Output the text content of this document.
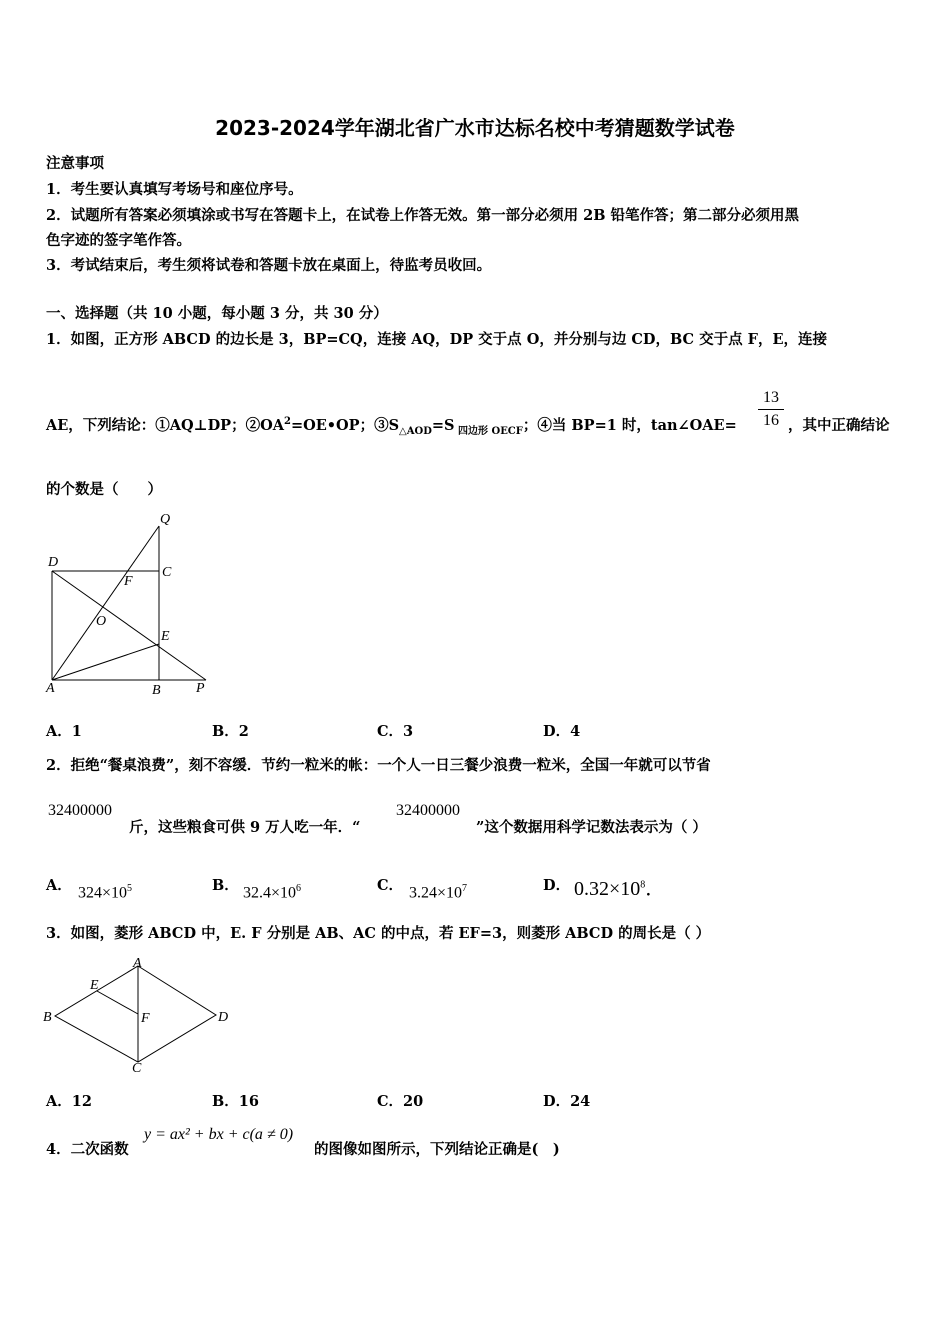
2023-2024学年湖北省广水市达标名校中考猜题数学试卷
注意事项
1．考生要认真填写考场号和座位序号。
2．试题所有答案必须填涂或书写在答题卡上，在试卷上作答无效。第一部分必须用 2B 铅笔作答；第二部分必须用黑
色字迹的签字笔作答。
3．考试结束后，考生须将试卷和答题卡放在桌面上，待监考员收回。
一、选择题（共 10 小题，每小题 3 分，共 30 分）
1．如图，正方形 ABCD 的边长是 3，BP=CQ，连接 AQ，DP 交于点 O，并分别与边 CD，BC 交于点 F，E，连接
AE，下列结论：①AQ⊥DP；$②OA^2=OE•OP$；$③S_{\triangle AOD}=S$ $_{四边形 OECF}$；④当 BP=1 时，tan∠OAE=
13
16 ，其中正确结论
的个数是（　　）
Q
D
C
F
O
E
A	B	P
A．1	B．2	C．3	D．4
2．拒绝“餐桌浪费”，刻不容缓．节约一粒米的帐：一个人一日三餐少浪费一粒米，全国一年就可以节省
32400000
斤，这些粮食可供 9 万人吃一年．“
32400000
”这个数据用科学记数法表示为（ ）
A． $324\times 10^5$	B． $32.4\times 10^6$	C． $3.24\times 10^7$	D． $0.32\times 10^8$．
3．如图，菱形 ABCD 中，E. F 分别是 AB、AC 的中点，若 EF=3，则菱形 ABCD 的周长是（ ）
A
E
B	F	D
C
A．12	B．16	C．20	D．24
4．二次函数
y = ax² + bx + c(a ≠ 0)
的图像如图所示，下列结论正确是(　)
